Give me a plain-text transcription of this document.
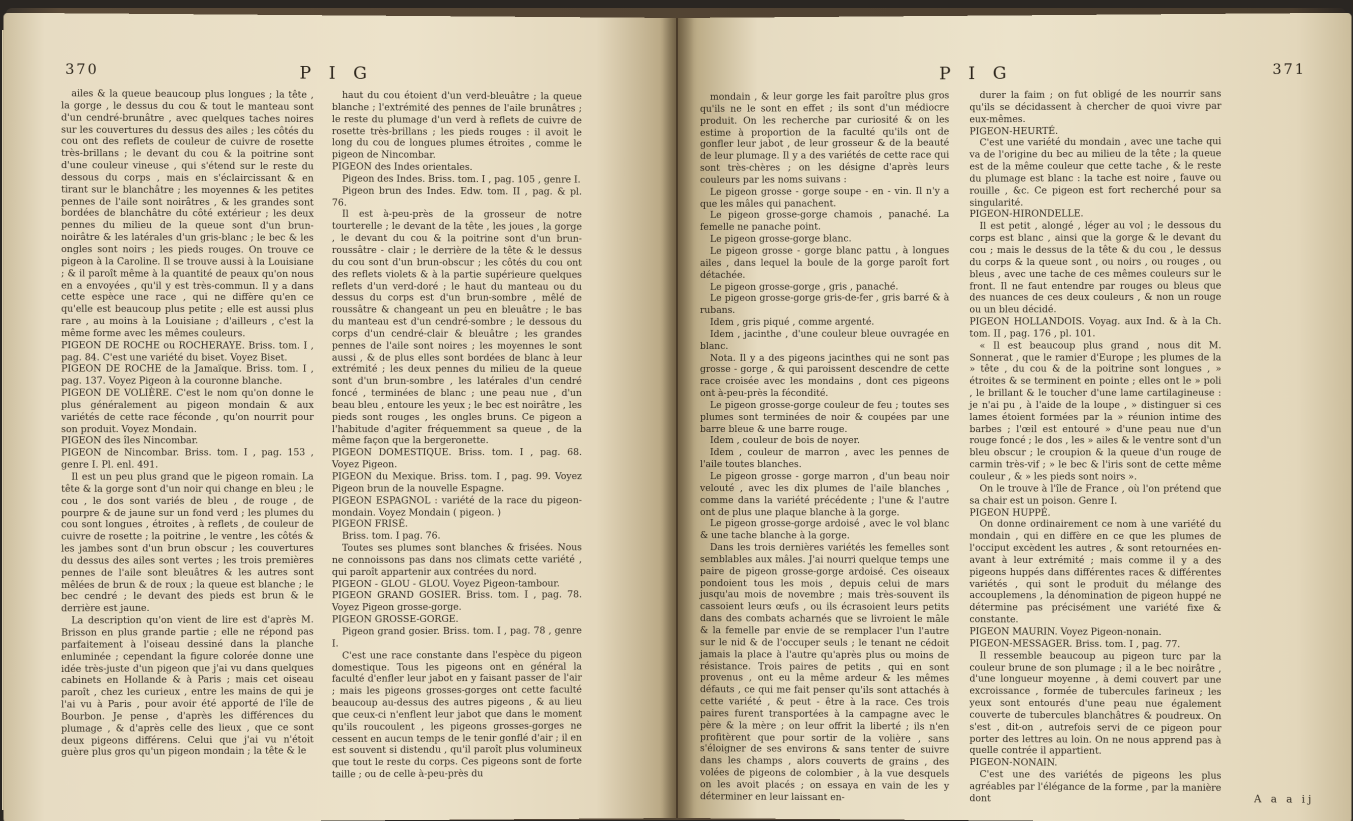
370	P I G

ailes & la queue beaucoup plus longues ; la tête , la gorge , le dessus du cou & tout le manteau sont d'un cendré-brunâtre , avec quelques taches noires sur les couvertures du dessus des ailes ; les côtés du cou ont des reflets de couleur de cuivre de rosette très-brillans ; le devant du cou & la poitrine sont d'une couleur vineuse , qui s'étend sur le reste du dessous du corps , mais en s'éclaircissant & en tirant sur le blanchâtre ; les moyennes & les petites pennes de l'aile sont noirâtres , & les grandes sont bordées de blanchâtre du côté extérieur ; les deux pennes du milieu de la queue sont d'un brun-noirâtre & les latérales d'un gris-blanc ; le bec & les ongles sont noirs ; les pieds rouges. On trouve ce pigeon à la Caroline. Il se trouve aussi à la Louisiane ; & il paroît même à la quantité de peaux qu'on nous en a envoyées , qu'il y est très-commun. Il y a dans cette espèce une race , qui ne diffère qu'en ce qu'elle est beaucoup plus petite ; elle est aussi plus rare , au moins à la Louisiane ; d'ailleurs , c'est la même forme avec les mêmes couleurs.

PIGEON DE ROCHE ou ROCHERAYE. Briss. tom. I , pag. 84. C'est une variété du biset. Voyez Biset.

PIGEON DE ROCHE de la Jamaïque. Briss. tom. I , pag. 137. Voyez Pigeon à la couronne blanche.

PIGEON DE VOLIÈRE. C'est le nom qu'on donne le plus généralement au pigeon mondain & aux variétés de cette race féconde , qu'on nourrit pour son produit. Voyez Mondain.

PIGEON des îles Nincombar.

PIGEON de Nincombar. Briss. tom. I , pag. 153 , genre I. Pl. enl. 491.

Il est un peu plus grand que le pigeon romain. La tête & la gorge sont d'un noir qui change en bleu ; le cou , le dos sont variés de bleu , de rouge , de pourpre & de jaune sur un fond verd ; les plumes du cou sont longues , étroites , à reflets , de couleur de cuivre de rosette ; la poitrine , le ventre , les côtés & les jambes sont d'un brun obscur ; les couvertures du dessus des ailes sont vertes ; les trois premières pennes de l'aile sont bleuâtres & les autres sont mêlées de brun & de roux ; la queue est blanche ; le bec cendré ; le devant des pieds est brun & le derrière est jaune.

La description qu'on vient de lire est d'après M. Brisson en plus grande partie ; elle ne répond pas parfaitement à l'oiseau dessiné dans la planche enluminée ; cependant la figure colorée donne une idée très-juste d'un pigeon que j'ai vu dans quelques cabinets en Hollande & à Paris ; mais cet oiseau paroît , chez les curieux , entre les mains de qui je l'ai vu à Paris , pour avoir été apporté de l'île de Bourbon. Je pense , d'après les différences du plumage , & d'après celle des lieux , que ce sont deux pigeons différens. Celui que j'ai vu n'étoit guère plus gros qu'un pigeon mondain ; la tête & le

haut du cou étoient d'un verd-bleuâtre ; la queue blanche ; l'extrémité des pennes de l'aile brunâtres ; le reste du plumage d'un verd à reflets de cuivre de rosette très-brillans ; les pieds rouges : il avoit le long du cou de longues plumes étroites , comme le pigeon de Nincombar.

PIGEON des Indes orientales.

Pigeon des Indes. Briss. tom. I , pag. 105 , genre I.

Pigeon brun des Indes. Edw. tom. II , pag. & pl. 76.

Il est à-peu-près de la grosseur de notre tourterelle ; le devant de la tête , les joues , la gorge , le devant du cou & la poitrine sont d'un brun-roussâtre - clair ; le derrière de la tête & le dessus du cou sont d'un brun-obscur ; les côtés du cou ont des reflets violets & à la partie supérieure quelques reflets d'un verd-doré ; le haut du manteau ou du dessus du corps est d'un brun-sombre , mêlé de roussâtre & changeant un peu en bleuâtre ; le bas du manteau est d'un cendré-sombre ; le dessous du corps d'un cendré-clair & bleuâtre ; les grandes pennes de l'aile sont noires ; les moyennes le sont aussi , & de plus elles sont bordées de blanc à leur extrémité ; les deux pennes du milieu de la queue sont d'un brun-sombre , les latérales d'un cendré foncé , terminées de blanc ; une peau nue , d'un beau bleu , entoure les yeux ; le bec est noirâtre , les pieds sont rouges , les ongles bruns. Ce pigeon a l'habitude d'agiter fréquemment sa queue , de la même façon que la bergeronette.

PIGEON DOMESTIQUE. Briss. tom. I , pag. 68. Voyez Pigeon.

PIGEON du Mexique. Briss. tom. I , pag. 99. Voyez Pigeon brun de la nouvelle Espagne.

PIGEON ESPAGNOL : variété de la race du pigeon-mondain. Voyez Mondain ( pigeon. )

PIGEON FRISÉ.

Briss. tom. I pag. 76.

Toutes ses plumes sont blanches & frisées. Nous ne connoissons pas dans nos climats cette variété , qui paroît appartenir aux contrées du nord.

PIGEON - GLOU - GLOU. Voyez Pigeon-tambour.

PIGEON GRAND GOSIER. Briss. tom. I , pag. 78. Voyez Pigeon grosse-gorge.

PIGEON GROSSE-GORGE.

Pigeon grand gosier. Briss. tom. I , pag. 78 , genre I.

C'est une race constante dans l'espèce du pigeon domestique. Tous les pigeons ont en général la faculté d'enfler leur jabot en y faisant passer de l'air ; mais les pigeons grosses-gorges ont cette faculté beaucoup au-dessus des autres pigeons , & au lieu que ceux-ci n'enflent leur jabot que dans le moment qu'ils roucoulent , les pigeons grosses-gorges ne cessent en aucun temps de le tenir gonflé d'air ; il en est souvent si distendu , qu'il paroît plus volumineux que tout le reste du corps. Ces pigeons sont de forte taille ; ou de celle à-peu-près du

P I G	371

mondain , & leur gorge les fait paroître plus gros qu'ils ne le sont en effet ; ils sont d'un médiocre produit. On les recherche par curiosité & on les estime à proportion de la faculté qu'ils ont de gonfler leur jabot , de leur grosseur & de la beauté de leur plumage. Il y a des variétés de cette race qui sont très-chères ; on les désigne d'après leurs couleurs par les noms suivans :

Le pigeon grosse - gorge soupe - en - vin. Il n'y a que les mâles qui panachent.

Le pigeon grosse-gorge chamois , panaché. La femelle ne panache point.

Le pigeon grosse-gorge blanc.

Le pigeon grosse - gorge blanc pattu , à longues ailes , dans lequel la boule de la gorge paroît fort détachée.

Le pigeon grosse-gorge , gris , panaché.

Le pigeon grosse-gorge gris-de-fer , gris barré & à rubans.

Idem , gris piqué , comme argenté.

Idem , jacinthe , d'une couleur bleue ouvragée en blanc.

Nota. Il y a des pigeons jacinthes qui ne sont pas grosse - gorge , & qui paroissent descendre de cette race croisée avec les mondains , dont ces pigeons ont à-peu-près la fécondité.

Le pigeon grosse-gorge couleur de feu ; toutes ses plumes sont terminées de noir & coupées par une barre bleue & une barre rouge.

Idem , couleur de bois de noyer.

Idem , couleur de marron , avec les pennes de l'aile toutes blanches.

Le pigeon grosse - gorge marron , d'un beau noir velouté , avec les dix plumes de l'aile blanches , comme dans la variété précédente ; l'une & l'autre ont de plus une plaque blanche à la gorge.

Le pigeon grosse-gorge ardoisé , avec le vol blanc & une tache blanche à la gorge.

Dans les trois dernières variétés les femelles sont semblables aux mâles. J'ai nourri quelque temps une paire de pigeon grosse-gorge ardoisé. Ces oiseaux pondoient tous les mois , depuis celui de mars jusqu'au mois de novembre ; mais très-souvent ils cassoient leurs œufs , ou ils écrasoient leurs petits dans des combats acharnés que se livroient le mâle & la femelle par envie de se remplacer l'un l'autre sur le nid & de l'occuper seuls ; le tenant ne cédoit jamais la place à l'autre qu'après plus ou moins de résistance. Trois paires de petits , qui en sont provenus , ont eu la même ardeur & les mêmes défauts , ce qui me fait penser qu'ils sont attachés à cette variété , & peut - être à la race. Ces trois paires furent transportées à la campagne avec le père & la mère ; on leur offrit la liberté ; ils n'en profitèrent que pour sortir de la volière , sans s'éloigner de ses environs & sans tenter de suivre dans les champs , alors couverts de grains , des volées de pigeons de colombier , à la vue desquels on les avoit placés ; on essaya en vain de les y déterminer en leur laissant en-

durer la faim ; on fut obligé de les nourrir sans qu'ils se décidassent à chercher de quoi vivre par eux-mêmes.

PIGEON-HEURTÉ.

C'est une variété du mondain , avec une tache qui va de l'origine du bec au milieu de la tête ; la queue est de la même couleur que cette tache , & le reste du plumage est blanc : la tache est noire , fauve ou rouille , &c. Ce pigeon est fort recherché pour sa singularité.

PIGEON-HIRONDELLE.

Il est petit , alongé , léger au vol ; le dessous du corps est blanc , ainsi que la gorge & le devant du cou ; mais le dessus de la tête & du cou , le dessus du corps & la queue sont , ou noirs , ou rouges , ou bleus , avec une tache de ces mêmes couleurs sur le front. Il ne faut entendre par rouges ou bleus que des nuances de ces deux couleurs , & non un rouge ou un bleu décidé.

PIGEON HOLLANDOIS. Voyag. aux Ind. & à la Ch. tom. II , pag. 176 , pl. 101.

« Il est beaucoup plus grand , nous dit M. Sonnerat , que le ramier d'Europe ; les plumes de la » tête , du cou & de la poitrine sont longues , » étroites & se terminent en pointe ; elles ont le » poli , le brillant & le toucher d'une lame cartilagineuse : je n'ai pu , à l'aide de la loupe , » distinguer si ces lames étoient formées par la » réunion intime des barbes ; l'œil est entouré » d'une peau nue d'un rouge foncé ; le dos , les » ailes & le ventre sont d'un bleu obscur ; le croupion & la queue d'un rouge de carmin très-vif ; » le bec & l'iris sont de cette même couleur , & » les pieds sont noirs ».

On le trouve à l'île de France , où l'on prétend que sa chair est un poison. Genre I.

PIGEON HUPPÉ.

On donne ordinairement ce nom à une variété du mondain , qui en diffère en ce que les plumes de l'occiput excèdent les autres , & sont retournées en-avant à leur extrémité ; mais comme il y a des pigeons huppés dans différentes races & différentes variétés , qui sont le produit du mélange des accouplemens , la dénomination de pigeon huppé ne détermine pas précisément une variété fixe & constante.

PIGEON MAURIN. Voyez Pigeon-nonain.

PIGEON-MESSAGER. Briss. tom. I , pag. 77.

Il ressemble beaucoup au pigeon turc par la couleur brune de son plumage ; il a le bec noirâtre , d'une longueur moyenne , à demi couvert par une excroissance , formée de tubercules farineux ; les yeux sont entourés d'une peau nue également couverte de tubercules blanchâtres & poudreux. On s'est , dit-on , autrefois servi de ce pigeon pour porter des lettres au loin. On ne nous apprend pas à quelle contrée il appartient.

PIGEON-NONAIN.

C'est une des variétés de pigeons les plus agréables par l'élégance de la forme , par la manière dont	A a a ij
